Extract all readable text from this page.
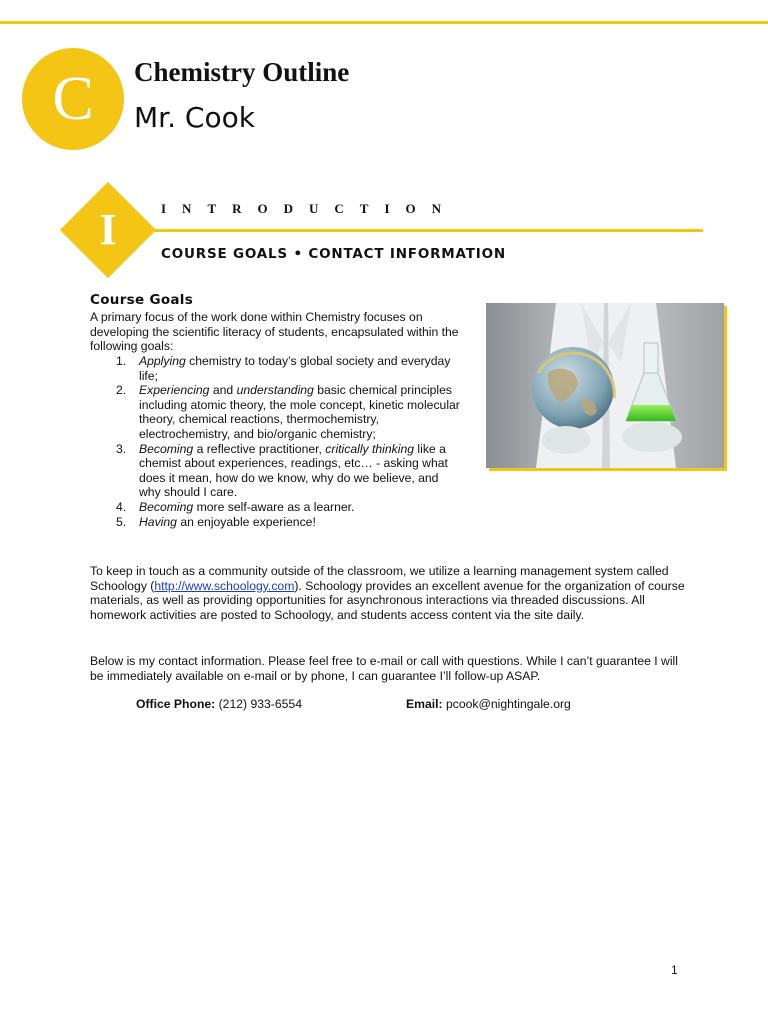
C Chemistry Outline
Mr. Cook
I	INTRODUCTION
COURSE GOALS • CONTACT INFORMATION
Course Goals
A primary focus of the work done within Chemistry focuses on developing the scientific literacy of students, encapsulated within the following goals:
1. Applying chemistry to today’s global society and everyday life;
2. Experiencing and understanding basic chemical principles including atomic theory, the mole concept, kinetic molecular theory, chemical reactions, thermochemistry, electrochemistry, and bio/organic chemistry;
3. Becoming a reflective practitioner, critically thinking like a chemist about experiences, readings, etc… - asking what does it mean, how do we know, why do we believe, and why should I care.
4. Becoming more self-aware as a learner.
5. Having an enjoyable experience!

To keep in touch as a community outside of the classroom, we utilize a learning management system called Schoology (http://www.schoology.com). Schoology provides an excellent avenue for the organization of course materials, as well as providing opportunities for asynchronous interactions via threaded discussions. All homework activities are posted to Schoology, and students access content via the site daily.

Below is my contact information. Please feel free to e-mail or call with questions. While I can’t guarantee I will be immediately available on e-mail or by phone, I can guarantee I’ll follow-up ASAP.

Office Phone: (212) 933-6554	Email: pcook@nightingale.org
1
